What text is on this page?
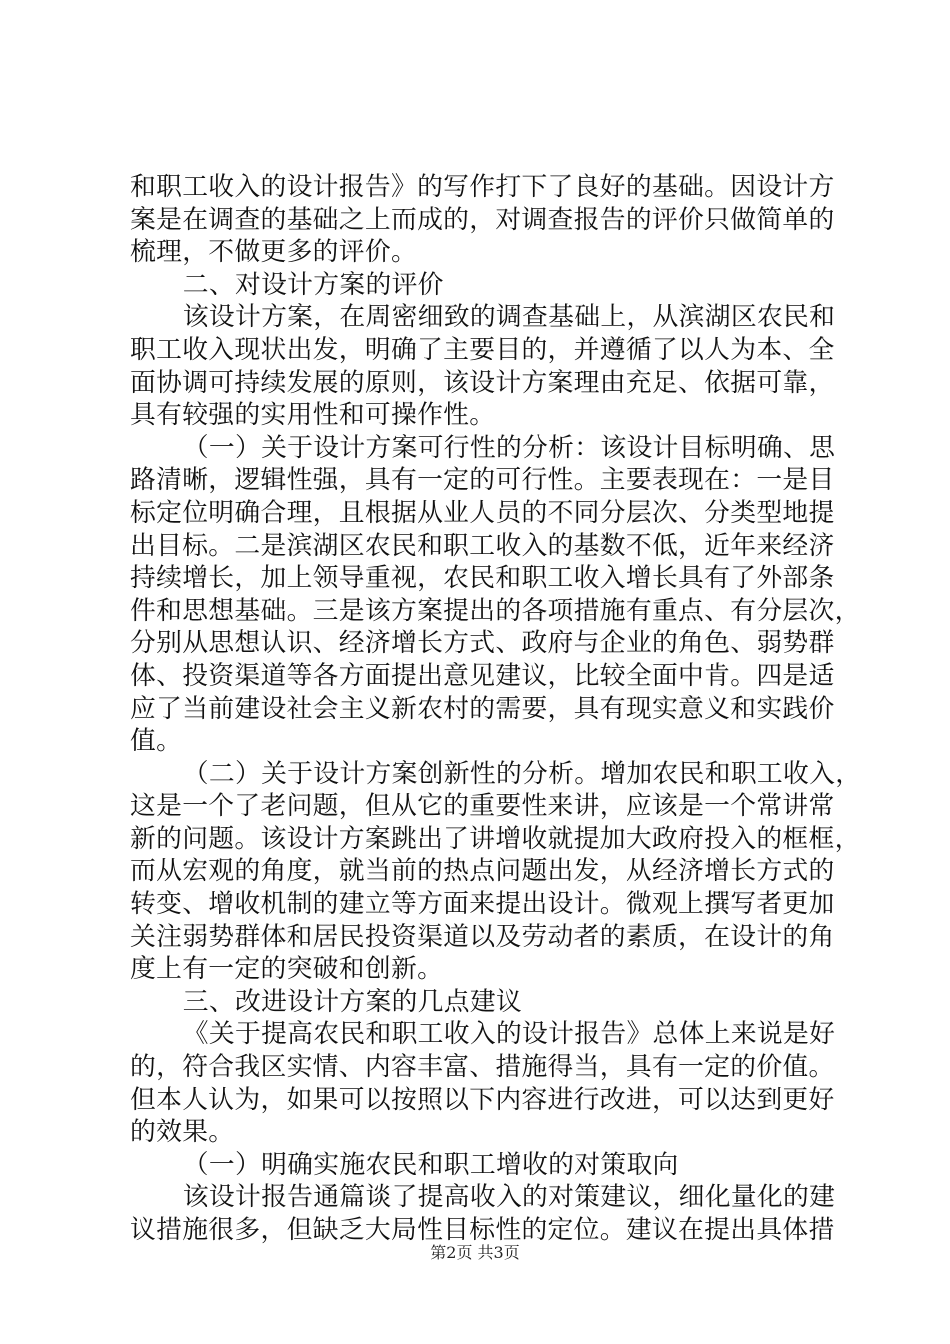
和职工收入的设计报告》的写作打下了良好的基础。因设计方
案是在调查的基础之上而成的，对调查报告的评价只做简单的
梳理，不做更多的评价。
二、对设计方案的评价
该设计方案，在周密细致的调查基础上，从滨湖区农民和
职工收入现状出发，明确了主要目的，并遵循了以人为本、全
面协调可持续发展的原则，该设计方案理由充足、依据可靠，
具有较强的实用性和可操作性。
（一）关于设计方案可行性的分析：该设计目标明确、思
路清晰，逻辑性强，具有一定的可行性。主要表现在：一是目
标定位明确合理，且根据从业人员的不同分层次、分类型地提
出目标。二是滨湖区农民和职工收入的基数不低，近年来经济
持续增长，加上领导重视，农民和职工收入增长具有了外部条
件和思想基础。三是该方案提出的各项措施有重点、有分层次，
分别从思想认识、经济增长方式、政府与企业的角色、弱势群
体、投资渠道等各方面提出意见建议，比较全面中肯。四是适
应了当前建设社会主义新农村的需要，具有现实意义和实践价
值。
（二）关于设计方案创新性的分析。增加农民和职工收入，
这是一个了老问题，但从它的重要性来讲，应该是一个常讲常
新的问题。该设计方案跳出了讲增收就提加大政府投入的框框，
而从宏观的角度，就当前的热点问题出发，从经济增长方式的
转变、增收机制的建立等方面来提出设计。微观上撰写者更加
关注弱势群体和居民投资渠道以及劳动者的素质，在设计的角
度上有一定的突破和创新。
三、改进设计方案的几点建议
《关于提高农民和职工收入的设计报告》总体上来说是好
的，符合我区实情、内容丰富、措施得当，具有一定的价值。
但本人认为，如果可以按照以下内容进行改进，可以达到更好
的效果。
（一）明确实施农民和职工增收的对策取向
该设计报告通篇谈了提高收入的对策建议，细化量化的建
议措施很多，但缺乏大局性目标性的定位。建议在提出具体措
第2页 共3页
